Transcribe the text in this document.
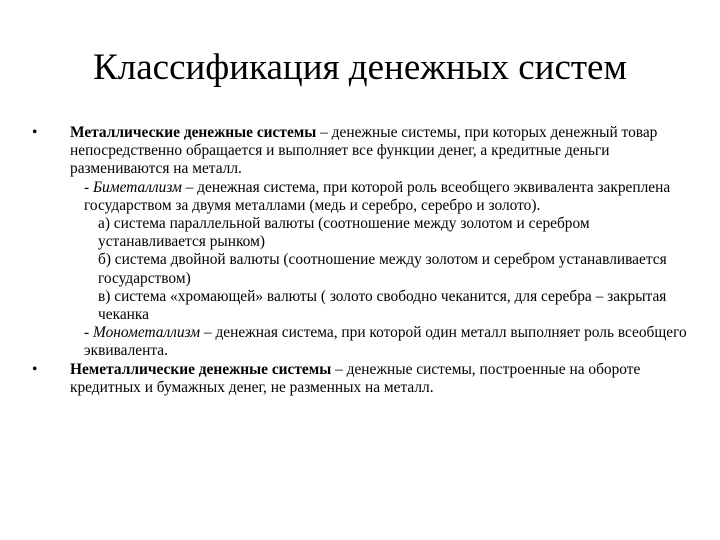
Классификация денежных систем
•	Металлические денежные системы – денежные системы, при которых денежный товар непосредственно обращается и выполняет все функции денег, а кредитные деньги размениваются на металл.
- Биметаллизм – денежная система, при которой роль всеобщего эквивалента закреплена государством за двумя металлами (медь и серебро, серебро и золото).
а) система параллельной валюты (соотношение между золотом и серебром устанавливается рынком)
б) система двойной валюты (соотношение между золотом и серебром устанавливается государством)
в) система «хромающей» валюты ( золото свободно чеканится, для серебра – закрытая чеканка
- Монометаллизм – денежная система, при которой один металл выполняет роль всеобщего эквивалента.
•	Неметаллические денежные системы – денежные системы, построенные на обороте кредитных и бумажных денег, не разменных на металл.
